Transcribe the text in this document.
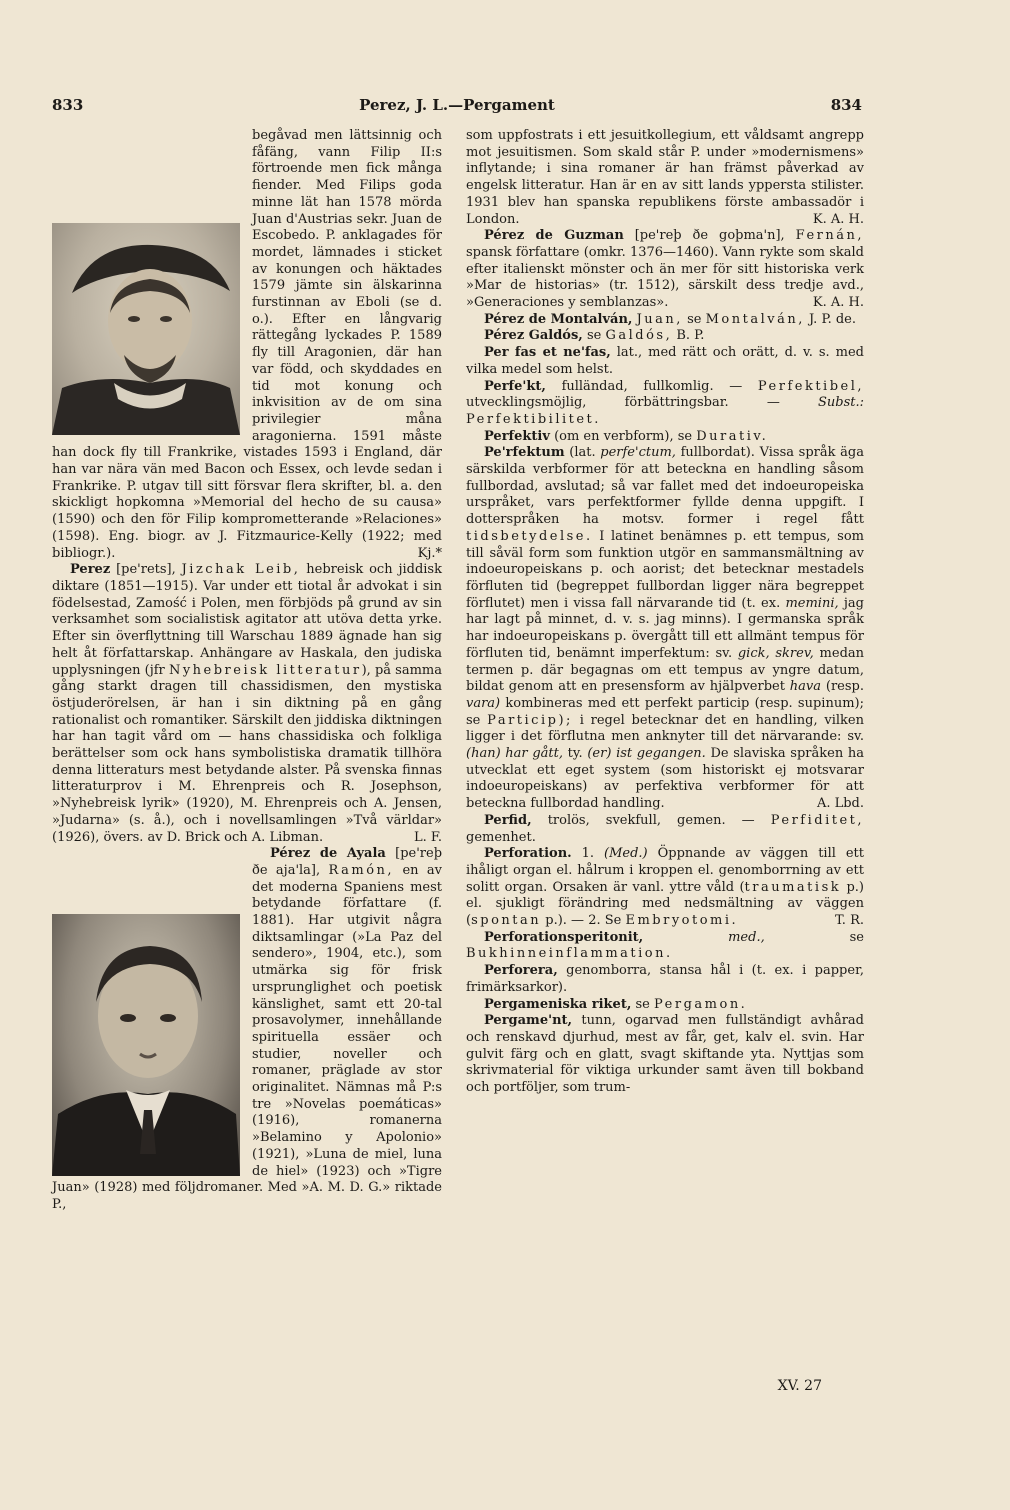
833	Perez, J. L.—Pergament	834

begåvad men lättsinnig och fåfäng, vann Filip II:s förtroende men fick många fiender. Med Filips goda minne lät han 1578 mörda Juan d'Austrias sekr. Juan de Escobedo. P. anklagades för mordet, lämnades i sticket av konungen och häktades 1579 jämte sin älskarinna furstinnan av Eboli (se d. o.). Efter en långvarig rättegång lyckades P. 1589 fly till Aragonien, där han var född, och skyddades en tid mot konung och inkvisition av de om sina privilegier måna aragonierna. 1591 måste han dock fly till Frankrike, vistades 1593 i England, där han var nära vän med Bacon och Essex, och levde sedan i Frankrike. P. utgav till sitt försvar flera skrifter, bl. a. den skickligt hopkomna »Memorial del hecho de su causa» (1590) och den för Filip komprometterande »Relaciones» (1598). Eng. biogr. av J. Fitzmaurice-Kelly (1922; med bibliogr.).	Kj.*

Perez [pe'rets], Jizchak Leib, hebreisk och jiddisk diktare (1851—1915). Var under ett tiotal år advokat i sin födelsestad, Zamość i Polen, men förbjöds på grund av sin verksamhet som socialistisk agitator att utöva detta yrke. Efter sin överflyttning till Warschau 1889 ägnade han sig helt åt författarskap. Anhängare av Haskala, den judiska upplysningen (jfr Nyhebreisk litteratur), på samma gång starkt dragen till chassidismen, den mystiska östjuderörelsen, är han i sin diktning på en gång rationalist och romantiker. Särskilt den jiddiska diktningen har han tagit vård om — hans chassidiska och folkliga berättelser som ock hans symbolistiska dramatik tillhöra denna litteraturs mest betydande alster. På svenska finnas litteraturprov i M. Ehrenpreis och R. Josephson, »Nyhebreisk lyrik» (1920), M. Ehrenpreis och A. Jensen, »Judarna» (s. å.), och i novellsamlingen »Två världar» (1926), övers. av D. Brick och A. Libman.	L. F.

Pérez de Ayala [pe'reþ ðe aja'la], Ramón, en av det moderna Spaniens mest betydande författare (f. 1881). Har utgivit några diktsamlingar (»La Paz del sendero», 1904, etc.), som utmärka sig för frisk ursprunglighet och poetisk känslighet, samt ett 20-tal prosavolymer, innehållande spirituella essäer och studier, noveller och romaner, präglade av stor originalitet. Nämnas må P:s tre »Novelas poemáticas» (1916), romanerna »Belamino y Apolonio» (1921), »Luna de miel, luna de hiel» (1923) och »Tigre Juan» (1928) med följdromaner. Med »A. M. D. G.» riktade P.,

som uppfostrats i ett jesuitkollegium, ett våldsamt angrepp mot jesuitismen. Som skald står P. under »modernismens» inflytande; i sina romaner är han främst påverkad av engelsk litteratur. Han är en av sitt lands yppersta stilister. 1931 blev han spanska republikens förste ambassadör i London.	K. A. H.

Pérez de Guzman [pe'reþ ðe goþma'n], Fernán, spansk författare (omkr. 1376—1460). Vann rykte som skald efter italienskt mönster och än mer för sitt historiska verk »Mar de historias» (tr. 1512), särskilt dess tredje avd., »Generaciones y semblanzas».	K. A. H.

Pérez de Montalván, Juan, se Montalván, J. P. de.

Pérez Galdós, se Galdós, B. P.

Per fas et ne'fas, lat., med rätt och orätt, d. v. s. med vilka medel som helst.

Perfe'kt, fulländad, fullkomlig. — Perfektibel, utvecklingsmöjlig, förbättringsbar. —	Subst.: Perfektibilitet.

Perfektiv (om en verbform), se Durativ.

Pe'rfektum (lat. perfe'ctum, fullbordat). Vissa språk äga särskilda verbformer för att beteckna en handling såsom fullbordad, avslutad; så var fallet med det indoeuropeiska urspråket, vars perfektformer fyllde denna uppgift. I dotterspråken ha motsv. former i regel fått tidsbetydelse. I latinet benämnes p. ett tempus, som till såväl form som funktion utgör en sammansmältning av indoeuropeiskans p. och aorist; det betecknar mestadels förfluten tid (begreppet fullbordan ligger nära begreppet förflutet) men i vissa fall närvarande tid (t. ex. meminі, jag har lagt på minnet, d. v. s. jag minns). I germanska språk har indoeuropeiskans p. övergått till ett allmänt tempus för förfluten tid, benämnt imperfektum: sv. gick, skrev, medan termen p. där begagnas om ett tempus av yngre datum, bildat genom att en presensform av hjälpverbet hava (resp. vara) kombineras med ett perfekt particip (resp. supinum); se Particip); i regel betecknar det en handling, vilken ligger i det förflutna men anknyter till det närvarande: sv. (han) har gått, ty. (er) ist gegangen. De slaviska språken ha utvecklat ett eget system (som historiskt ej motsvarar indoeuropeiskans) av perfektiva verbformer för att beteckna fullbordad handling.	A. Lbd.

Perfid, trolös, svekfull, gemen. — Perfiditet, gemenhet.

Perforation. 1. (Med.) Öppnande av väggen till ett ihåligt organ el. hålrum i kroppen el. genomborrning av ett solitt organ. Orsaken är vanl. yttre våld (traumatisk p.) el. sjukligt förändring med nedsmältning av väggen (spontan p.). — 2. Se Embryotomi.	T. R.

Perforationsperitonit,	med.,	se Bukhinneinflammation.

Perforera, genomborra, stansa hål i (t. ex. i papper, frimärksarkor).

Pergameniska riket, se Pergamon.

Pergame'nt, tunn, ogarvad men fullständigt avhårad och renskavd djurhud, mest av får, get, kalv el. svin. Har gulvit färg och en glatt, svagt skiftande yta. Nyttjas som skrivmaterial för viktiga urkunder samt även till bokband och portföljer, som trum-

XV. 27
